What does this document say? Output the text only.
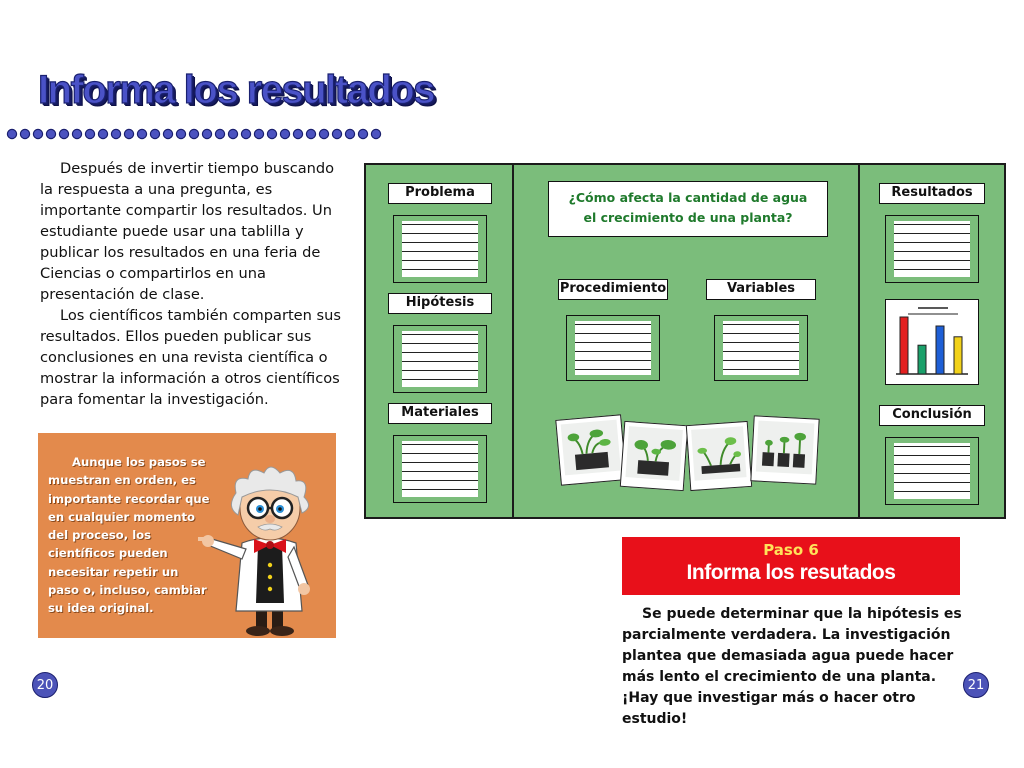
Informa los resultados

Después de invertir tiempo buscando la respuesta a una pregunta, es importante compartir los resultados. Un estudiante puede usar una tablilla y publicar los resultados en una feria de Ciencias o compartirlos en una presentación de clase.

Los científicos también comparten sus resultados. Ellos pueden publicar sus conclusiones en una revista científica o mostrar la información a otros científicos para fomentar la investigación.

Aunque los pasos se muestran en orden, es importante recordar que en cualquier momento del proceso, los científicos pueden necesitar repetir un paso o, incluso, cambiar su idea original.

20
Problema
Hipótesis
Materiales
¿Cómo afecta la cantidad de agua
el crecimiento de una planta?
Procedimiento	Variables
Resultados
Conclusión
Paso 6
Informa los resutados

Se puede determinar que la hipótesis es parcialmente verdadera. La investigación plantea que demasiada agua puede hacer más lento el crecimiento de una planta. ¡Hay que investigar más o hacer otro estudio!

21
